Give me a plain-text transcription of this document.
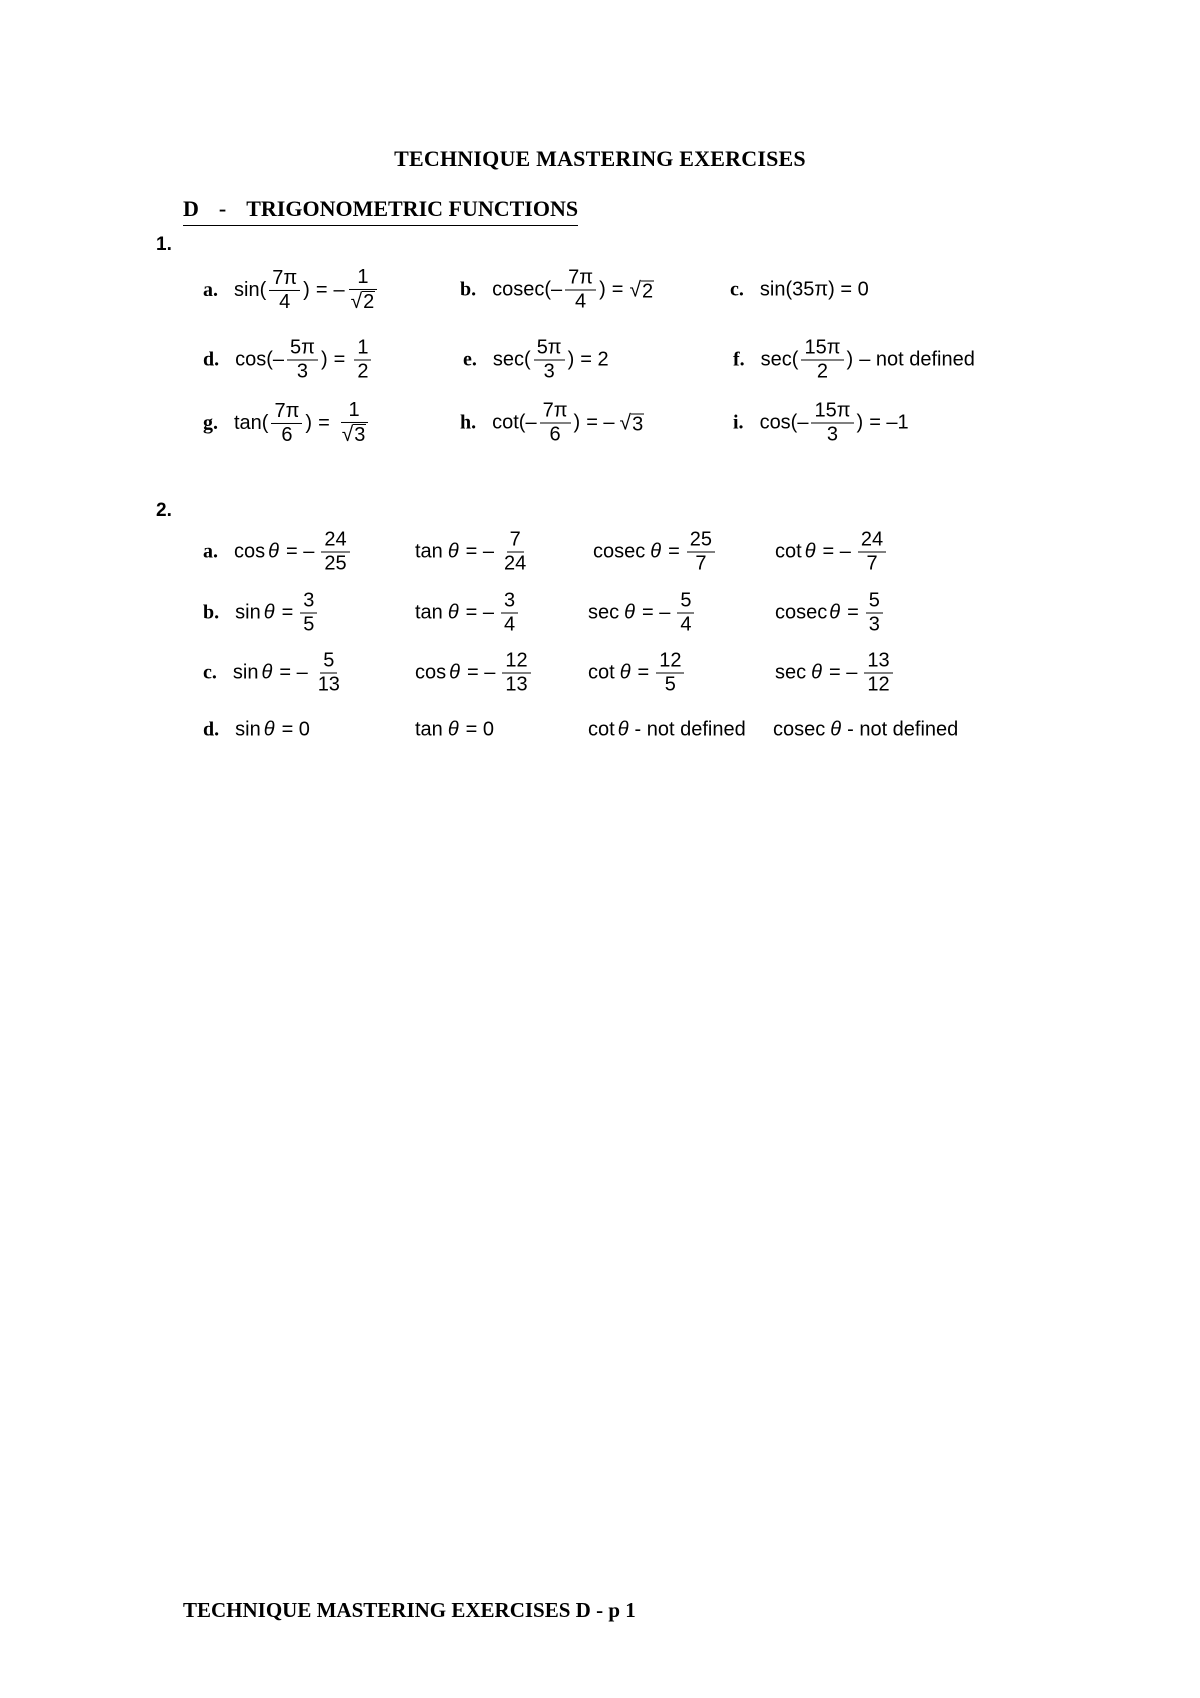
TECHNIQUE MASTERING EXERCISES
D - TRIGONOMETRIC FUNCTIONS
1.
a. $\sin( \frac{7\pi}{4}$ ) = – $\frac{1}{√ 2}$	b. $cosec(- \frac{7\pi}{4}$ ) = √ 2	c. sin(35π) = 0
d. $\cos(- \frac{5\pi}{3}$ ) = $\frac{1}{2}$	e. $\sec( \frac{5\pi}{3}$ ) = 2	f. $\sec( \frac{15\pi}{2}$ ) – not defined
g. $\tan( \frac{7\pi}{6}$ ) = $\frac{1}{√ 3}$	h. $\cot(- \frac{7\pi}{6}$ ) = – √ 3	i. $\cos(- \frac{15\pi}{3}$ ) = –1
2.
a. cos θ = – $\frac{24}{25}$	tan θ = – $\frac{7}{24}$	cosec $\theta = \frac{25}{7}$	cot θ = – $\frac{24}{7}$
b. $\sin \theta = \frac{3}{5}$	tan θ = – $\frac{3}{4}$	sec θ = – $\frac{5}{4}$	cosec $\theta = \frac{5}{3}$
c. sin θ = – $\frac{5}{13}$	cos θ = – $\frac{12}{13}$	$\cot \theta = \frac{12}{5}$	sec θ = – $\frac{13}{12}$
d. sin θ = 0	tan θ = 0	cot θ - not defined cosec θ - not defined
TECHNIQUE MASTERING EXERCISES D - p 1
